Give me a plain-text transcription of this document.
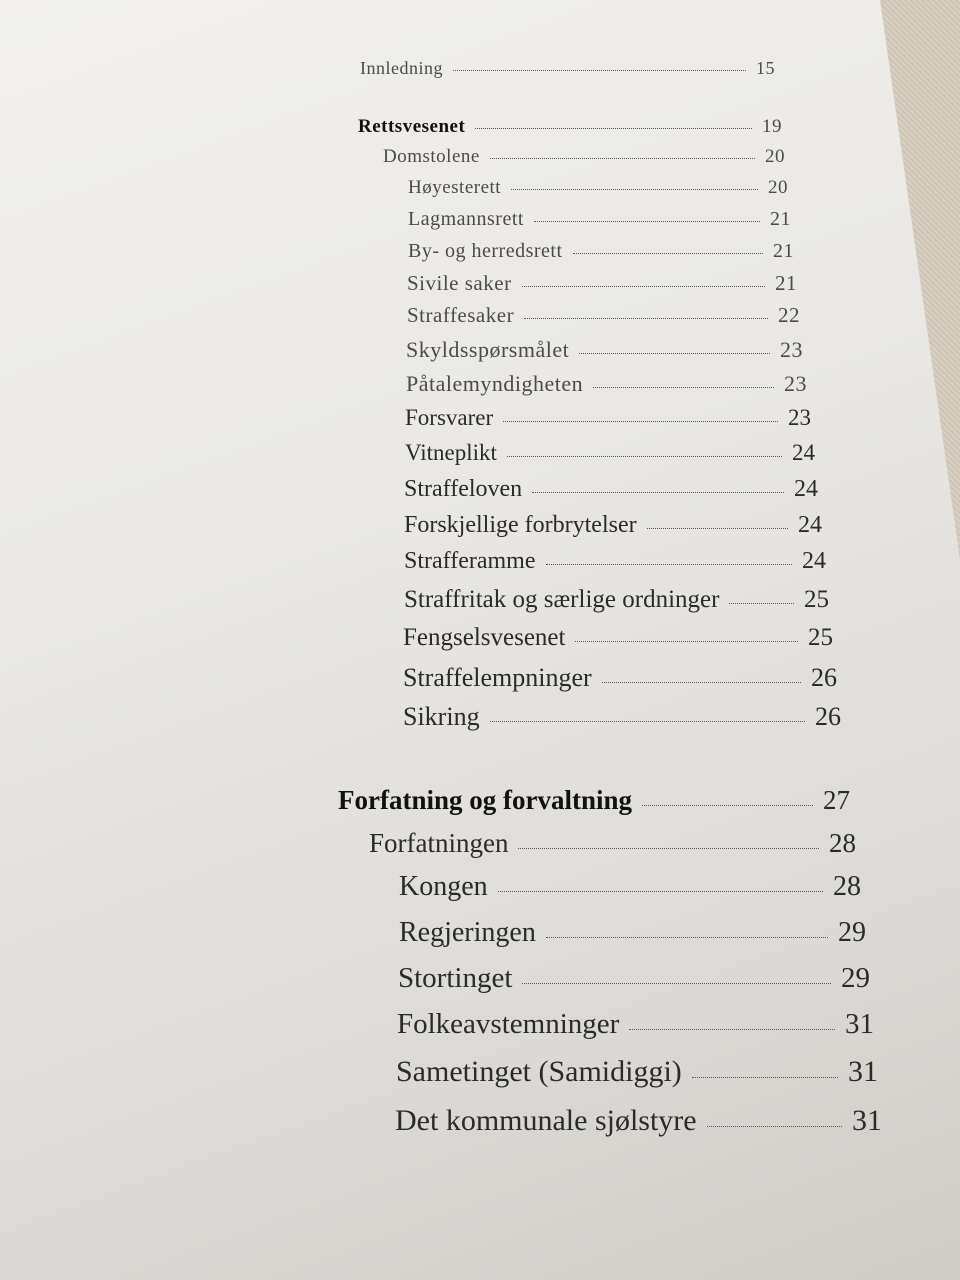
Innledning	15
Rettsvesenet	19
Domstolene	20
Høyesterett	20
Lagmannsrett	21
By- og herredsrett	21
Sivile saker	21
Straffesaker	22
Skyldsspørsmålet	23
Påtalemyndigheten	23
Forsvarer	23
Vitneplikt	24
Straffeloven	24
Forskjellige forbrytelser	24
Strafferamme	24
Straffritak og særlige ordninger	25
Fengselsvesenet	25
Straffelempninger	26
Sikring	26
Forfatning og forvaltning	27
Forfatningen	28
Kongen	28
Regjeringen	29
Stortinget	29
Folkeavstemninger	31
Sametinget (Samidiggi)	31
Det kommunale sjølstyre	31
